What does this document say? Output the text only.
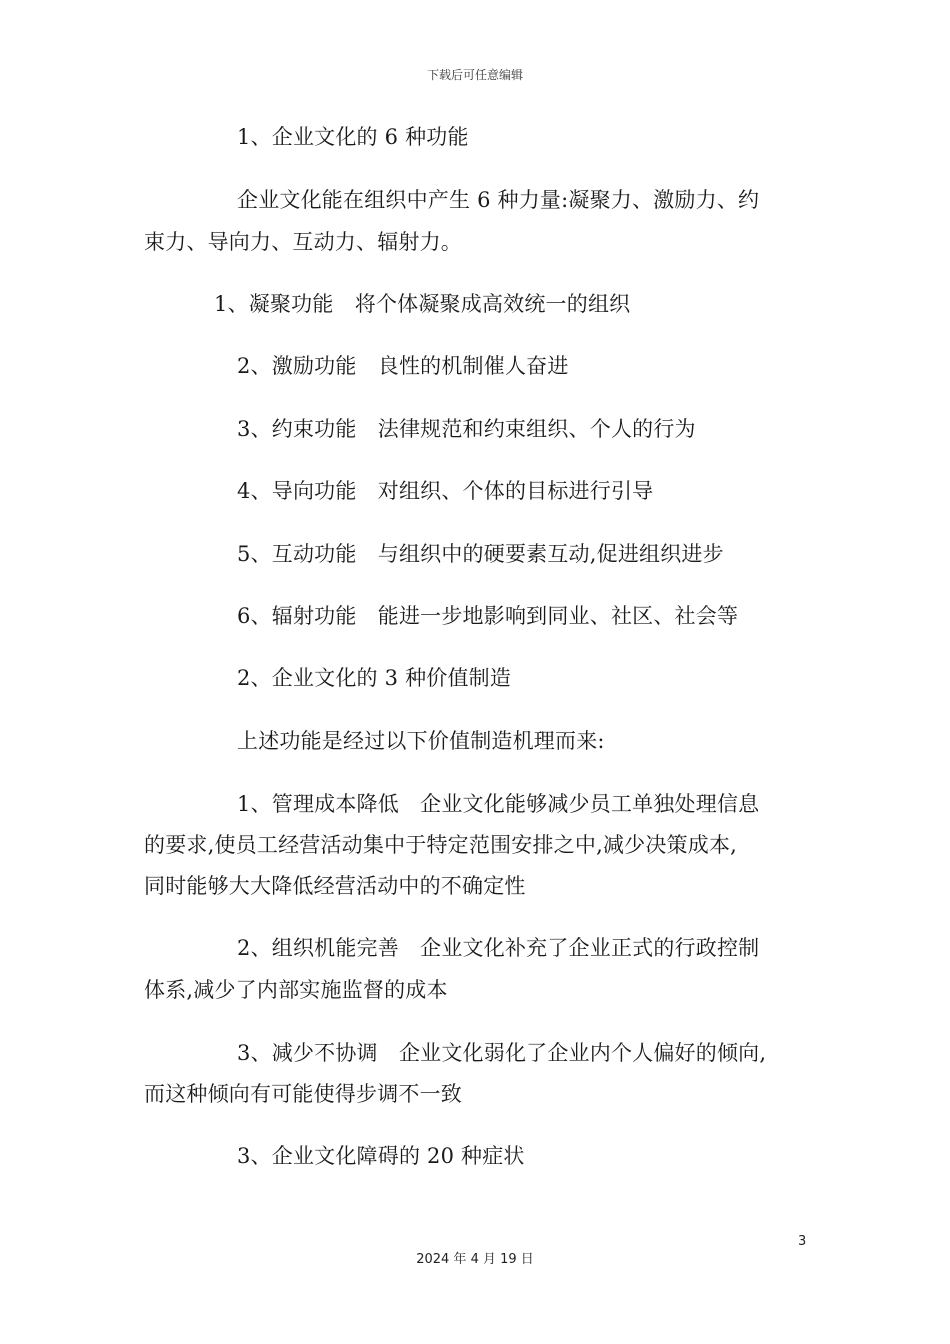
下载后可任意编辑
1、企业文化的 6 种功能
企业文化能在组织中产生 6 种力量:凝聚力、激励力、约
束力、导向力、互动力、辐射力。
1、凝聚功能　将个体凝聚成高效统一的组织
2、激励功能　良性的机制催人奋进
3、约束功能　法律规范和约束组织、个人的行为
4、导向功能　对组织、个体的目标进行引导
5、互动功能　与组织中的硬要素互动,促进组织进步
6、辐射功能　能进一步地影响到同业、社区、社会等
2、企业文化的 3 种价值制造
上述功能是经过以下价值制造机理而来:
1、管理成本降低　企业文化能够减少员工单独处理信息
的要求,使员工经营活动集中于特定范围安排之中,减少决策成本,
同时能够大大降低经营活动中的不确定性
2、组织机能完善　企业文化补充了企业正式的行政控制
体系,减少了内部实施监督的成本
3、减少不协调　企业文化弱化了企业内个人偏好的倾向,
而这种倾向有可能使得步调不一致
3、企业文化障碍的 20 种症状
3
2024 年 4 月 19 日
